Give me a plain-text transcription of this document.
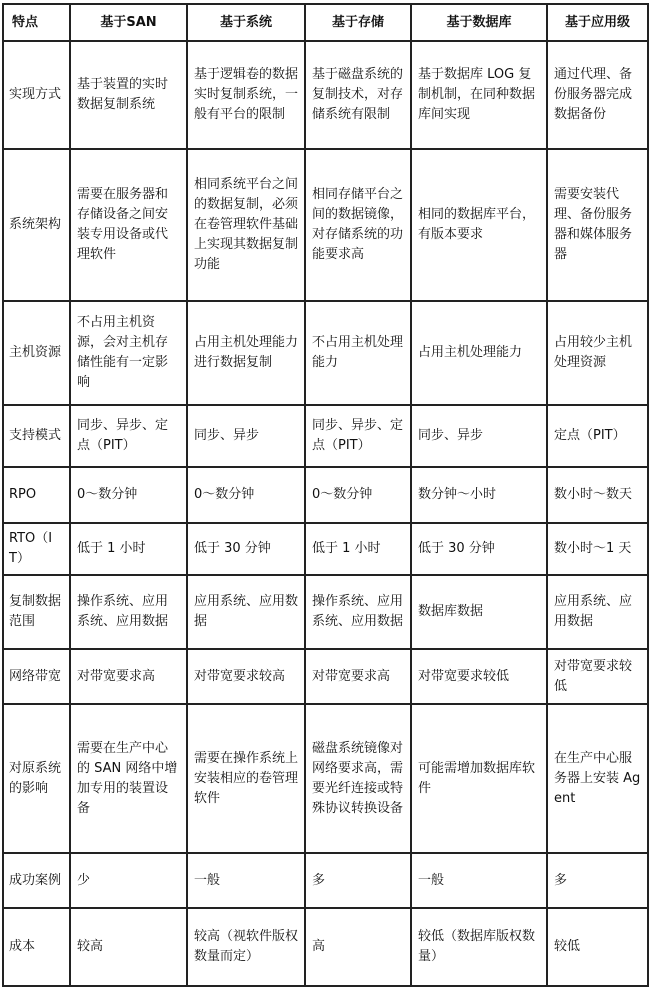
特点	基于SAN	基于系统	基于存储	基于数据库	基于应用级
实现方式	基于装置的实时数据复制系统	基于逻辑卷的数据实时复制系统，一般有平台的限制	基于磁盘系统的复制技术，对存储系统有限制	基于数据库 LOG 复制机制，在同种数据库间实现	通过代理、备份服务器完成数据备份
系统架构	需要在服务器和存储设备之间安装专用设备或代理软件	相同系统平台之间的数据复制，必须在卷管理软件基础上实现其数据复制功能	相同存储平台之间的数据镜像，对存储系统的功能要求高	相同的数据库平台，有版本要求	需要安装代理、备份服务器和媒体服务器
主机资源	不占用主机资源，会对主机存储性能有一定影响	占用主机处理能力进行数据复制	不占用主机处理能力	占用主机处理能力	占用较少主机处理资源
支持模式	同步、异步、定点（PIT）	同步、异步	同步、异步、定点（PIT）	同步、异步	定点（PIT）
RPO	0～数分钟	0～数分钟	0～数分钟	数分钟～小时	数小时～数天
RTO（IT）	低于 1 小时	低于 30 分钟	低于 1 小时	低于 30 分钟	数小时～1 天
复制数据范围	操作系统、应用系统、应用数据	应用系统、应用数据	操作系统、应用系统、应用数据	数据库数据	应用系统、应用数据
网络带宽	对带宽要求高	对带宽要求较高	对带宽要求高	对带宽要求较低	对带宽要求较低
对原系统的影响	需要在生产中心的 SAN 网络中增加专用的装置设备	需要在操作系统上安装相应的卷管理软件	磁盘系统镜像对网络要求高，需要光纤连接或特殊协议转换设备	可能需增加数据库软件	在生产中心服务器上安装 Agent
成功案例	少	一般	多	一般	多
成本	较高	较高（视软件版权数量而定）	高	较低（数据库版权数量）	较低
